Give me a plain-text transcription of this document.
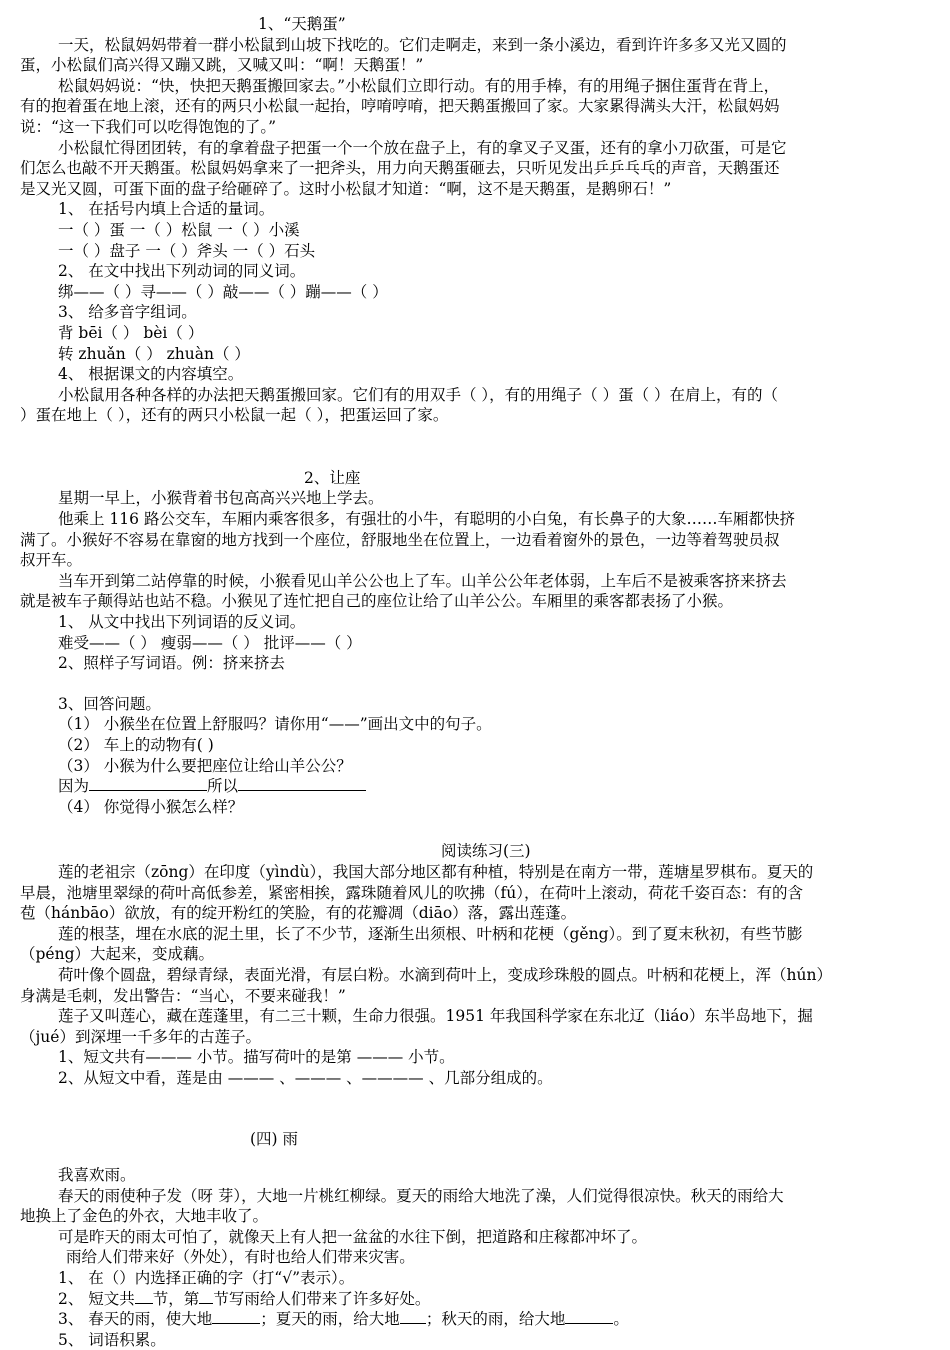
1、“天鹅蛋”

一天，松鼠妈妈带着一群小松鼠到山坡下找吃的。它们走啊走，来到一条小溪边，看到许许多多又光又圆的

蛋，小松鼠们高兴得又蹦又跳，又喊又叫：“啊！天鹅蛋！”

松鼠妈妈说：“快，快把天鹅蛋搬回家去。”小松鼠们立即行动。有的用手棒，有的用绳子捆住蛋背在背上，

有的抱着蛋在地上滚，还有的两只小松鼠一起抬，哼唷哼唷，把天鹅蛋搬回了家。大家累得满头大汗，松鼠妈妈

说：“这一下我们可以吃得饱饱的了。”

小松鼠忙得团团转，有的拿着盘子把蛋一个一个放在盘子上，有的拿叉子叉蛋，还有的拿小刀砍蛋，可是它

们怎么也敲不开天鹅蛋。松鼠妈妈拿来了一把斧头，用力向天鹅蛋砸去，只听见发出乒乒乓乓的声音，天鹅蛋还

是又光又圆，可蛋下面的盘子给砸碎了。这时小松鼠才知道：“啊，这不是天鹅蛋，是鹅卵石！”

1、 在括号内填上合适的量词。

一（ ）蛋 一（ ）松鼠 一（ ）小溪

一（ ）盘子 一（ ）斧头 一（ ）石头

2、 在文中找出下列动词的同义词。

绑——（ ）寻——（ ）敲——（ ）蹦——（ ）

3、 给多音字组词。

背 bēi（ ） bèi（ ）

转 zhuǎn（ ） zhuàn（ ）

4、 根据课文的内容填空。

小松鼠用各种各样的办法把天鹅蛋搬回家。它们有的用双手（ ），有的用绳子（ ）蛋（ ）在肩上，有的（

）蛋在地上（ ），还有的两只小松鼠一起（ ），把蛋运回了家。

2、让座

星期一早上，小猴背着书包高高兴兴地上学去。

他乘上 116 路公交车，车厢内乘客很多，有强壮的小牛，有聪明的小白兔，有长鼻子的大象……车厢都快挤

满了。小猴好不容易在靠窗的地方找到一个座位，舒服地坐在位置上，一边看着窗外的景色，一边等着驾驶员叔

叔开车。

当车开到第二站停靠的时候，小猴看见山羊公公也上了车。山羊公公年老体弱，上车后不是被乘客挤来挤去

就是被车子颠得站也站不稳。小猴见了连忙把自己的座位让给了山羊公公。车厢里的乘客都表扬了小猴。

1、 从文中找出下列词语的反义词。

难受——（ ） 瘦弱——（ ） 批评——（ ）

2、照样子写词语。例：挤来挤去

3、回答问题。

（1） 小猴坐在位置上舒服吗？请你用“——”画出文中的句子。

（2） 车上的动物有( )

（3） 小猴为什么要把座位让给山羊公公？

因为	所以

（4） 你觉得小猴怎么样？

阅读练习(三)

莲的老祖宗（zōng）在印度（yìndù），我国大部分地区都有种植，特别是在南方一带，莲塘星罗棋布。夏天的

早晨，池塘里翠绿的荷叶高低参差，紧密相挨，露珠随着风儿的吹拂（fú），在荷叶上滚动，荷花千姿百态：有的含

苞（hánbāo）欲放，有的绽开粉红的笑脸，有的花瓣凋（diāo）落，露出莲蓬。

莲的根茎，埋在水底的泥土里，长了不少节，逐渐生出须根、叶柄和花梗（gěng）。到了夏末秋初，有些节膨

（péng）大起来，变成藕。

荷叶像个圆盘，碧绿青绿，表面光滑，有层白粉。水滴到荷叶上，变成珍珠般的圆点。叶柄和花梗上，浑（hún）

身满是毛刺，发出警告：“当心，不要来碰我！”

莲子又叫莲心，藏在莲蓬里，有二三十颗，生命力很强。1951 年我国科学家在东北辽（liáo）东半岛地下，掘

（jué）到深埋一千多年的古莲子。

1、短文共有——— 小节。描写荷叶的是第 ——— 小节。

2、从短文中看，莲是由 ——— 、——— 、———— 、几部分组成的。

(四) 雨

我喜欢雨。

春天的雨使种子发（呀 芽），大地一片桃红柳绿。夏天的雨给大地洗了澡，人们觉得很凉快。秋天的雨给大

地换上了金色的外衣，大地丰收了。

可是昨天的雨太可怕了，就像天上有人把一盆盆的水往下倒，把道路和庄稼都冲坏了。

雨给人们带来好（外处），有时也给人们带来灾害。

1、 在（）内选择正确的字（打“√”表示）。

2、 短文共 节，第 节写雨给人们带来了许多好处。

3、 春天的雨，使大地	；夏天的雨，给大地 ；秋天的雨，给大地	。

5、 词语积累。
